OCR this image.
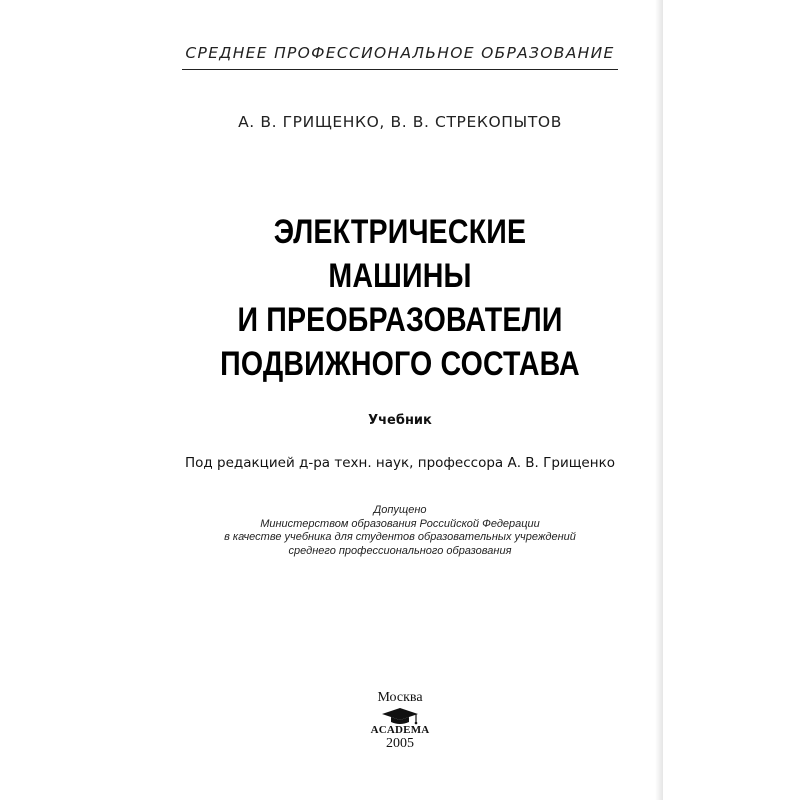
СРЕДНЕЕ ПРОФЕССИОНАЛЬНОЕ ОБРАЗОВАНИЕ
А. В. ГРИЩЕНКО, В. В. СТРЕКОПЫТОВ
ЭЛЕКТРИЧЕСКИЕ
МАШИНЫ
И ПРЕОБРАЗОВАТЕЛИ
ПОДВИЖНОГО СОСТАВА
Учебник
Под редакцией д-ра техн. наук, профессора А. В. Грищенко
Допущено
Министерством образования Российской Федерации
в качестве учебника для студентов образовательных учреждений
среднего профессионального образования
Москва
ACADEMA
2005
